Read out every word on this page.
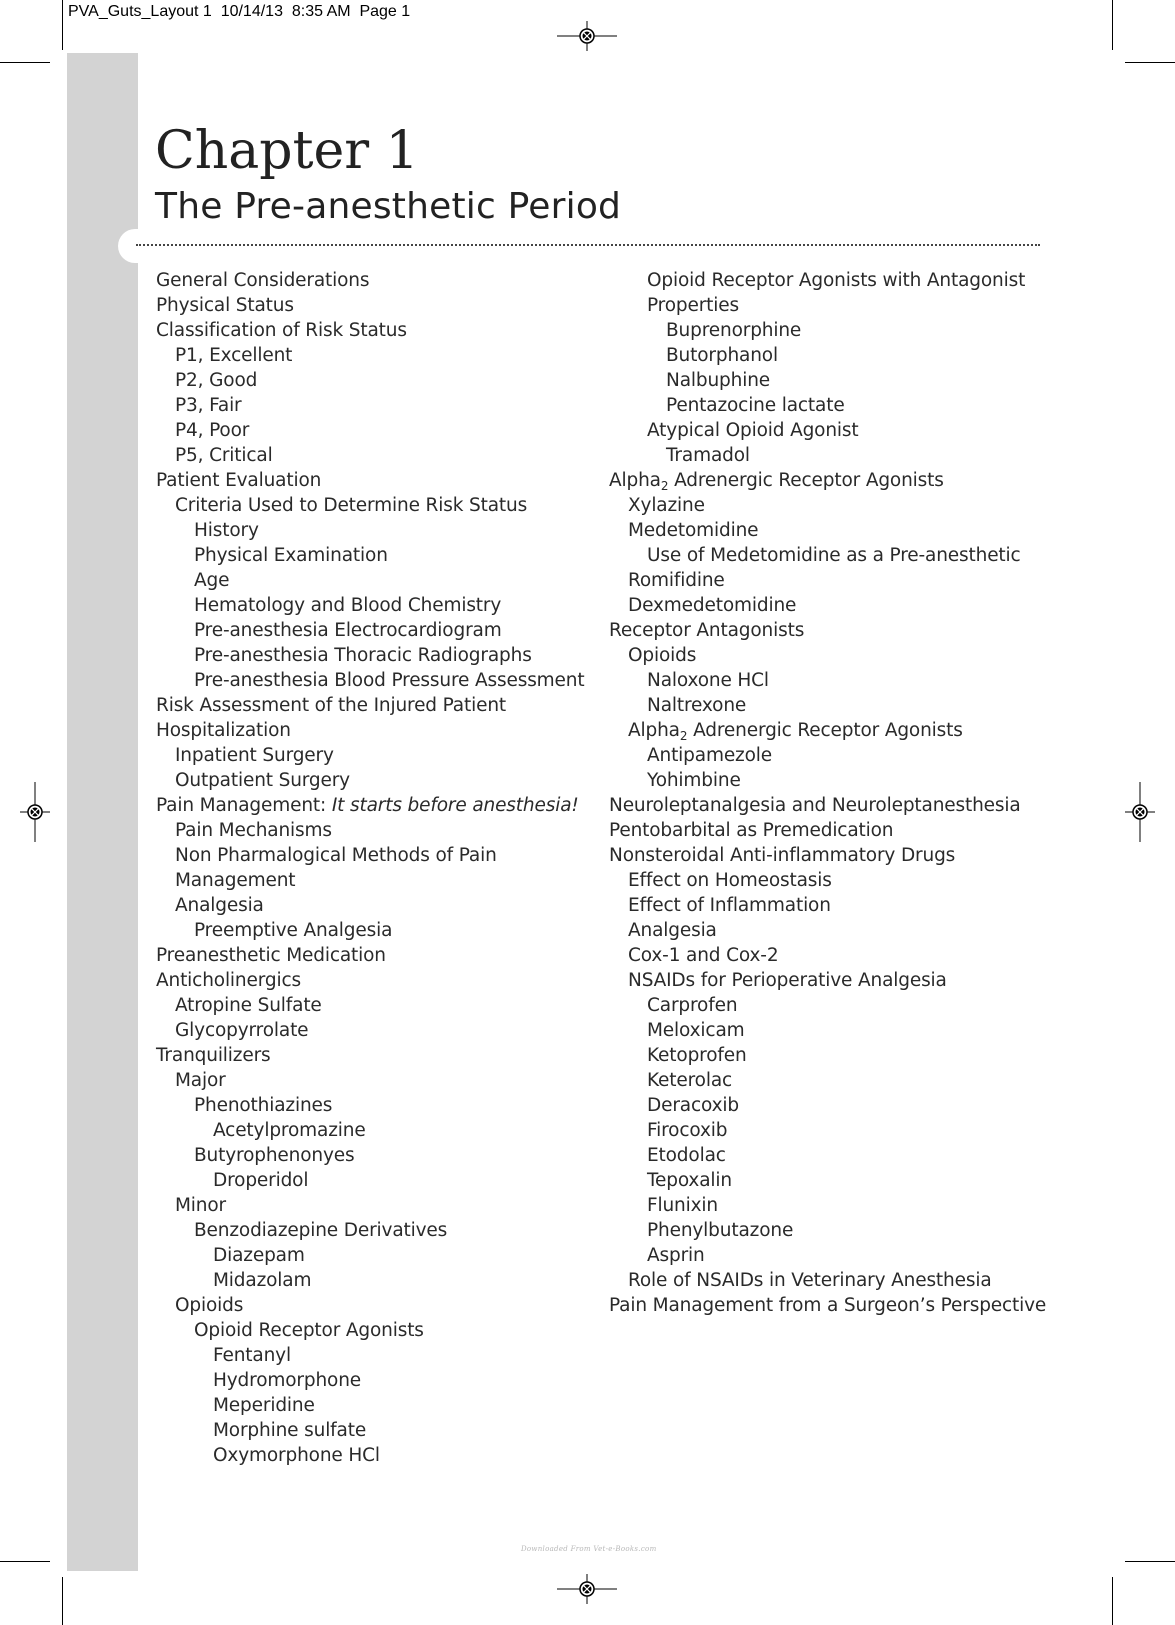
PVA_Guts_Layout 1  10/14/13  8:35 AM  Page 1
Chapter 1
The Pre-anesthetic Period
General Considerations
Physical Status
Classification of Risk Status
P1, Excellent
P2, Good
P3, Fair
P4, Poor
P5, Critical
Patient Evaluation
Criteria Used to Determine Risk Status
History
Physical Examination
Age
Hematology and Blood Chemistry
Pre-anesthesia Electrocardiogram
Pre-anesthesia Thoracic Radiographs
Pre-anesthesia Blood Pressure Assessment
Risk Assessment of the Injured Patient
Hospitalization
Inpatient Surgery
Outpatient Surgery
Pain Management: It starts before anesthesia!
Pain Mechanisms
Non Pharmalogical Methods of Pain
Management
Analgesia
Preemptive Analgesia
Preanesthetic Medication
Anticholinergics
Atropine Sulfate
Glycopyrrolate
Tranquilizers
Major
Phenothiazines
Acetylpromazine
Butyrophenonyes
Droperidol
Minor
Benzodiazepine Derivatives
Diazepam
Midazolam
Opioids
Opioid Receptor Agonists
Fentanyl
Hydromorphone
Meperidine
Morphine sulfate
Oxymorphone HCl
Opioid Receptor Agonists with Antagonist
Properties
Buprenorphine
Butorphanol
Nalbuphine
Pentazocine lactate
Atypical Opioid Agonist
Tramadol
Alpha$_2$ Adrenergic Receptor Agonists
Xylazine
Medetomidine
Use of Medetomidine as a Pre-anesthetic
Romifidine
Dexmedetomidine
Receptor Antagonists
Opioids
Naloxone HCl
Naltrexone
Alpha$_2$ Adrenergic Receptor Agonists
Antipamezole
Yohimbine
Neuroleptanalgesia and Neuroleptanesthesia
Pentobarbital as Premedication
Nonsteroidal Anti-inflammatory Drugs
Effect on Homeostasis
Effect of Inflammation
Analgesia
Cox-1 and Cox-2
NSAIDs for Perioperative Analgesia
Carprofen
Meloxicam
Ketoprofen
Keterolac
Deracoxib
Firocoxib
Etodolac
Tepoxalin
Flunixin
Phenylbutazone
Asprin
Role of NSAIDs in Veterinary Anesthesia
Pain Management from a Surgeon’s Perspective
Downloaded From Vet-e-Books.com
